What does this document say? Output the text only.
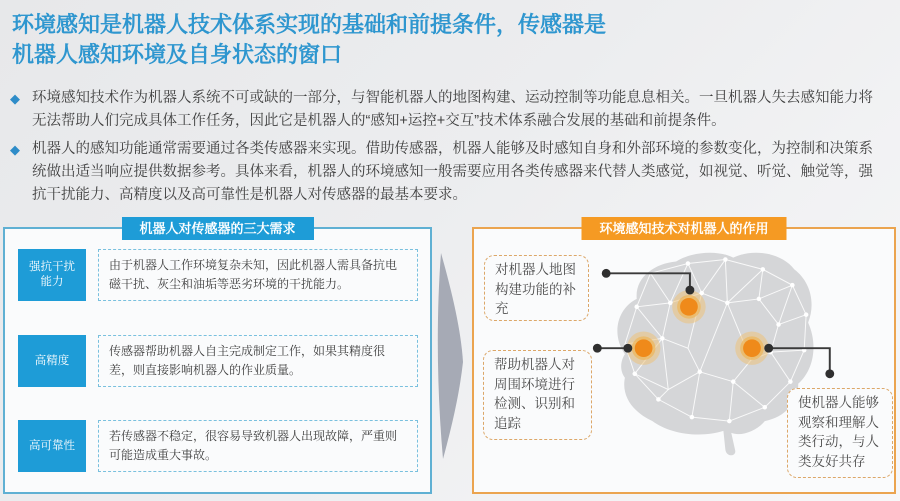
环境感知是机器人技术体系实现的基础和前提条件，传感器是
机器人感知环境及自身状态的窗口
◆ 环境感知技术作为机器人系统不可或缺的一部分，与智能机器人的地图构建、运动控制等功能息息相关。一旦机器人失去感知能力将无法帮助人们完成具体工作任务，因此它是机器人的“感知+运控+交互”技术体系融合发展的基础和前提条件。

◆ 机器人的感知功能通常需要通过各类传感器来实现。借助传感器，机器人能够及时感知自身和外部环境的参数变化，为控制和决策系统做出适当响应提供数据参考。具体来看，机器人的环境感知一般需要应用各类传感器来代替人类感觉，如视觉、听觉、触觉等，强抗干扰能力、高精度以及高可靠性是机器人对传感器的最基本要求。

机器人对传感器的三大需求
强抗干扰能力
由于机器人工作环境复杂未知，因此机器人需具备抗电磁干扰、灰尘和油垢等恶劣环境的干扰能力。
高精度
传感器帮助机器人自主完成制定工作，如果其精度很差，则直接影响机器人的作业质量。
高可靠性
若传感器不稳定，很容易导致机器人出现故障，严重则可能造成重大事故。
环境感知技术对机器人的作用
对机器人地图构建功能的补充
帮助机器人对周围环境进行检测、识别和追踪
使机器人能够观察和理解人类行动，与人类友好共存
